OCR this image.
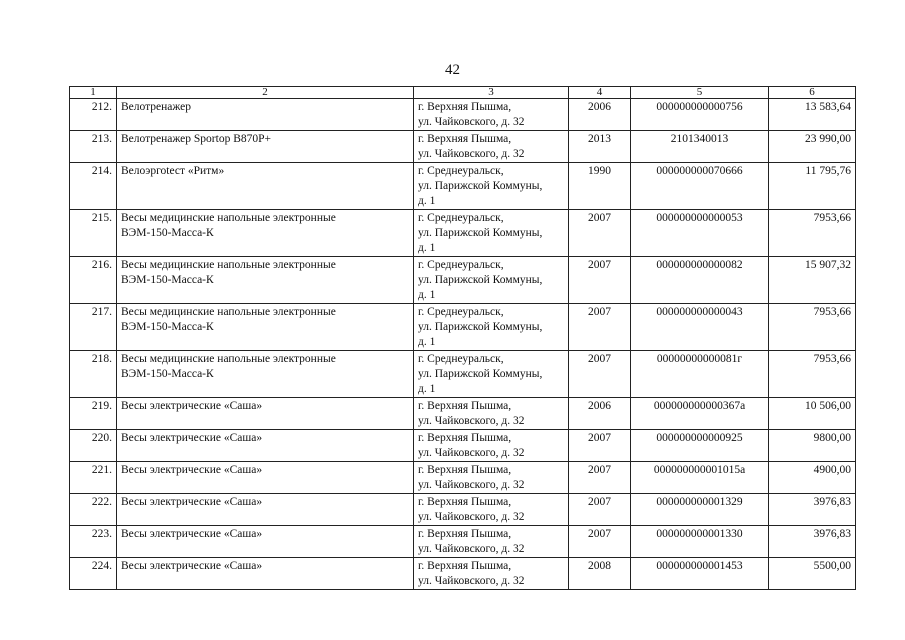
42
1	2	3	4	5	6
212.	Велотренажер	г. Верхняя Пышма,
ул. Чайковского, д. 32	2006	000000000000756	13 583,64
213.	Велотренажер Sportop B870P+	г. Верхняя Пышма,
ул. Чайковского, д. 32	2013	2101340013	23 990,00
214.	Велоэргоtест «Ритм»	г. Среднеуральск,
ул. Парижской Коммуны,
д. 1	1990	000000000070666	11 795,76
215.	Весы медицинские напольные электронные
ВЭМ-150-Масса-К	г. Среднеуральск,
ул. Парижской Коммуны,
д. 1	2007	000000000000053	7953,66
216.	Весы медицинские напольные электронные
ВЭМ-150-Масса-К	г. Среднеуральск,
ул. Парижской Коммуны,
д. 1	2007	000000000000082	15 907,32
217.	Весы медицинские напольные электронные
ВЭМ-150-Масса-К	г. Среднеуральск,
ул. Парижской Коммуны,
д. 1	2007	000000000000043	7953,66
218.	Весы медицинские напольные электронные
ВЭМ-150-Масса-К	г. Среднеуральск,
ул. Парижской Коммуны,
д. 1	2007	00000000000081г	7953,66
219.	Весы электрические «Саша»	г. Верхняя Пышма,
ул. Чайковского, д. 32	2006	000000000000367a	10 506,00
220.	Весы электрические «Саша»	г. Верхняя Пышма,
ул. Чайковского, д. 32	2007	000000000000925	9800,00
221.	Весы электрические «Саша»	г. Верхняя Пышма,
ул. Чайковского, д. 32	2007	000000000001015a	4900,00
222.	Весы электрические «Саша»	г. Верхняя Пышма,
ул. Чайковского, д. 32	2007	000000000001329	3976,83
223.	Весы электрические «Саша»	г. Верхняя Пышма,
ул. Чайковского, д. 32	2007	000000000001330	3976,83
224.	Весы электрические «Саша»	г. Верхняя Пышма,
ул. Чайковского, д. 32	2008	000000000001453	5500,00
